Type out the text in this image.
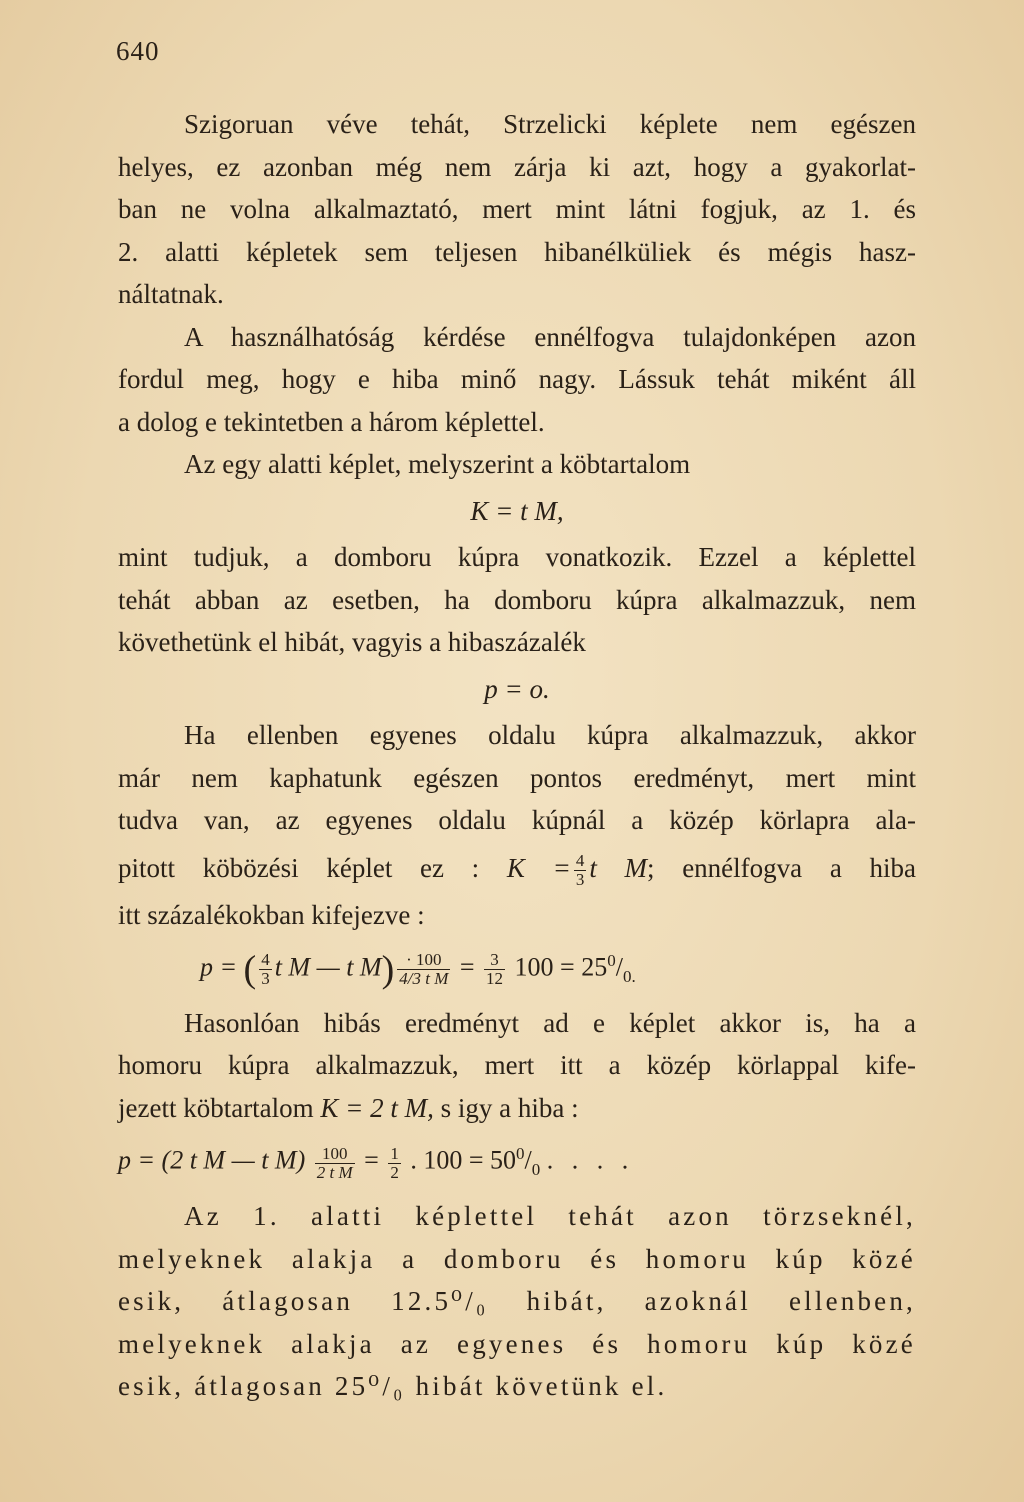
640
Szigoruan véve tehát, Strzelicki képlete nem egészen
helyes, ez azonban még nem zárja ki azt, hogy a gyakorlat-
ban ne volna alkalmaztató, mert mint látni fogjuk, az 1. és
2. alatti képletek sem teljesen hibanélküliek és mégis hasz-
náltatnak.
A használhatóság kérdése ennélfogva tulajdonképen azon
fordul meg, hogy e hiba minő nagy. Lássuk tehát miként áll
a dolog e tekintetben a három képlettel.
Az egy alatti képlet, melyszerint a köbtartalom
K = t M,
mint tudjuk, a domboru kúpra vonatkozik. Ezzel a képlettel
tehát abban az esetben, ha domboru kúpra alkalmazzuk, nem
követhetünk el hibát, vagyis a hibaszázalék
p = o.
Ha ellenben egyenes oldalu kúpra alkalmazzuk, akkor
már nem kaphatunk egészen pontos eredményt, mert mint
tudva van, az egyenes oldalu kúpnál a közép körlapra ala-
pitott köbözési képlet ez : $K = \frac{4}{3}$ t M; ennélfogva a hiba
itt százalékokban kifejezve :
p = ( $\frac{4}{3}$ t M — t $M) \frac{\cdot 100}{\text{4/3 t M}} = \frac{3}{12} 100 = 25^0/_{0.}$
Hasonlóan hibás eredményt ad e képlet akkor is, ha a
homoru kúpra alkalmazzuk, mert itt a közép körlappal kife-
jezett köbtartalom K = 2 t M, s igy a hiba :
p = (2 t M — t $M) \frac{100}{\text{2 t M}} = \frac{1}{2}$ . $100 = 50^0/_0$ . . . .
Az 1. alatti képlettel tehát azon törzseknél,
melyeknek alakja a domboru és homoru kúp közé
esik, átlagosan 12.5⁰/₀ hibát, azoknál ellenben,
melyeknek alakja az egyenes és homoru kúp közé
esik, átlagosan 25⁰/₀ hibát követünk el.
